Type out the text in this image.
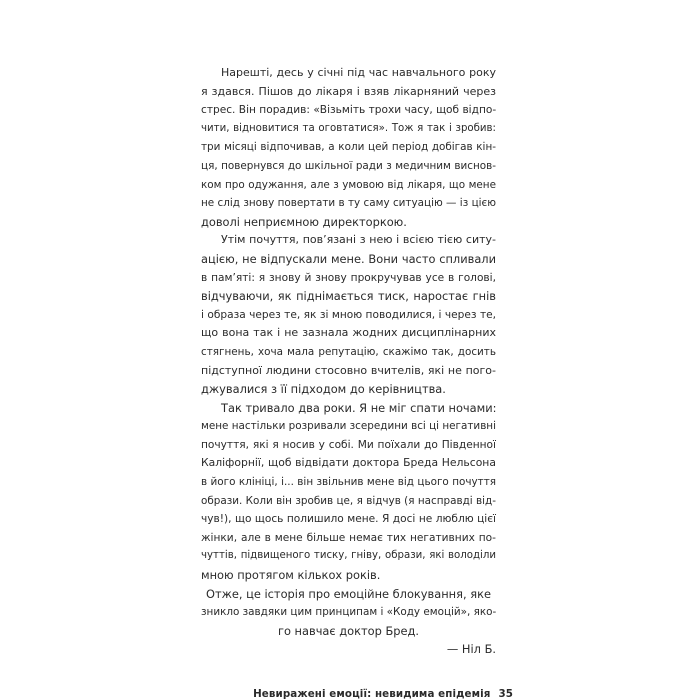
Нарешті, десь у січні під час навчального року
я здався. Пішов до лікаря і взяв лікарняний через
стрес. Він порадив: «Візьміть трохи часу, щоб відпо-
чити, відновитися та оговтатися». Тож я так і зробив:
три місяці відпочивав, а коли цей період добігав кін-
ця, повернувся до шкільної ради з медичним виснов-
ком про одужання, але з умовою від лікаря, що мене
не слід знову повертати в ту саму ситуацію — із цією
доволі неприємною директоркою.
Утім почуття, пов’язані з нею і всією тією ситу-
ацією, не відпускали мене. Вони часто спливали
в пам’яті: я знову й знову прокручував усе в голові,
відчуваючи, як піднімається тиск, наростає гнів
і образа через те, як зі мною поводилися, і через те,
що вона так і не зазнала жодних дисциплінарних
стягнень, хоча мала репутацію, скажімо так, досить
підступної людини стосовно вчителів, які не пого-
джувалися з її підходом до керівництва.
Так тривало два роки. Я не міг спати ночами:
мене настільки розривали зсередини всі ці негативні
почуття, які я носив у собі. Ми поїхали до Південної
Каліфорнії, щоб відвідати доктора Бреда Нельсона
в його клініці, і... він звільнив мене від цього почуття
образи. Коли він зробив це, я відчув (я насправді від-
чув!), що щось полишило мене. Я досі не люблю цієї
жінки, але в мене більше немає тих негативних по-
чуттів, підвищеного тиску, гніву, образи, які володіли
мною протягом кількох років.
Отже, це історія про емоційне блокування, яке
зникло завдяки цим принципам і «Коду емоцій», яко-
го навчає доктор Бред.
— Ніл Б.
Невиражені емоції: невидима епідемія 35
